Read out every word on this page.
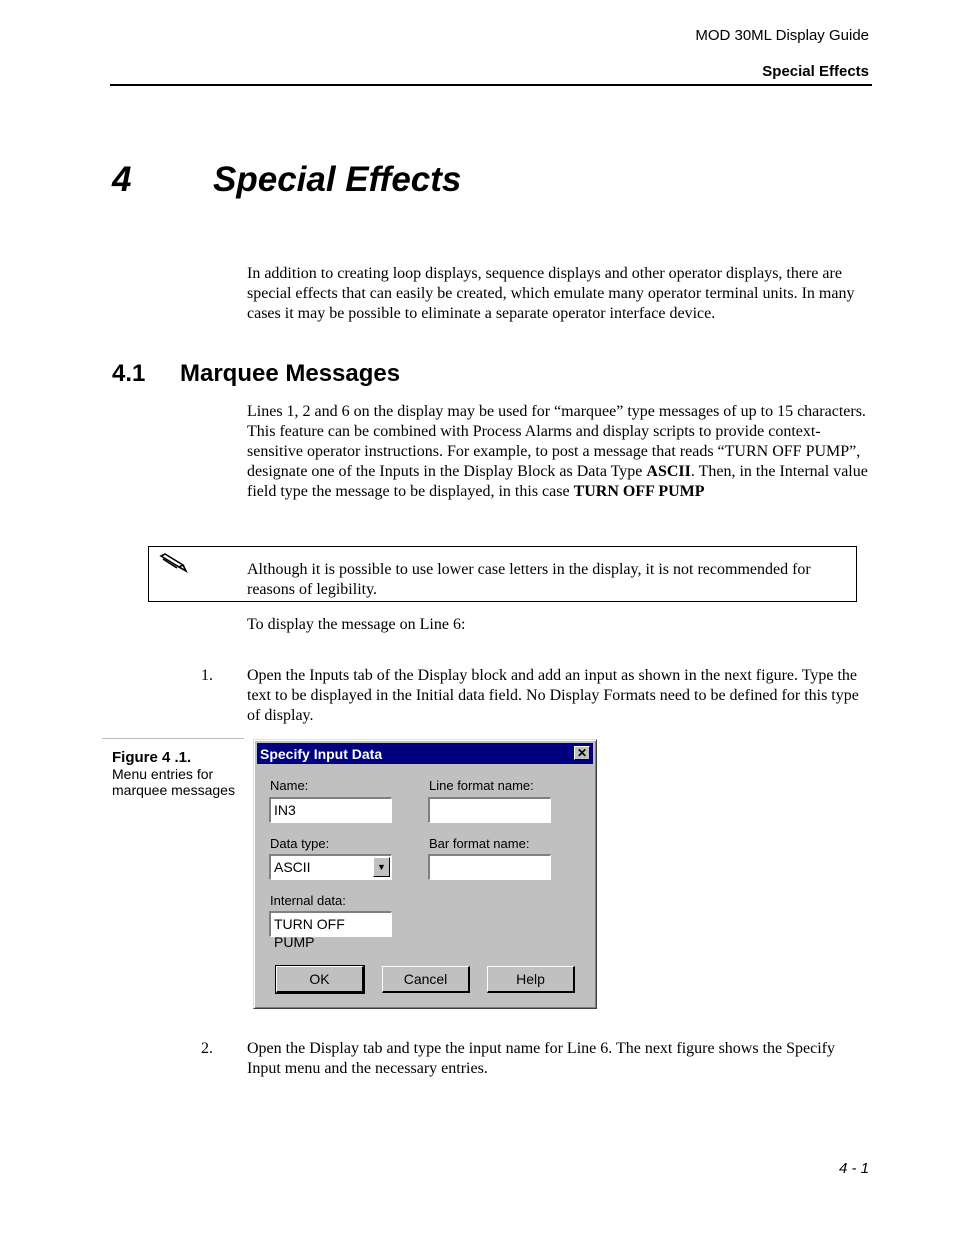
MOD 30ML Display Guide
Special Effects
4 Special Effects
In addition to creating loop displays, sequence displays and other operator displays, there are special effects that can easily be created, which emulate many operator terminal units. In many cases it may be possible to eliminate a separate operator interface device.
4.1 Marquee Messages
Lines 1, 2 and 6 on the display may be used for “marquee” type messages of up to 15 characters. This feature can be combined with Process Alarms and display scripts to provide context-sensitive operator instructions. For example, to post a message that reads “TURN OFF PUMP”, designate one of the Inputs in the Display Block as Data Type ASCII. Then, in the Internal value field type the message to be displayed, in this case TURN OFF PUMP
Although it is possible to use lower case letters in the display, it is not recommended for reasons of legibility.
To display the message on Line 6:
1. Open the Inputs tab of the Display block and add an input as shown in the next figure. Type the text to be displayed in the Initial data field. No Display Formats need to be defined for this type of display.
Figure 4 .1.
Menu entries for marquee messages
Specify Input Data	✕
Name:
IN3
Line format name:
Data type:
ASCII	▼
Bar format name:
Internal data:
TURN OFF PUMP
OK	Cancel	Help
2. Open the Display tab and type the input name for Line 6. The next figure shows the Specify Input menu and the necessary entries.
4 - 1
